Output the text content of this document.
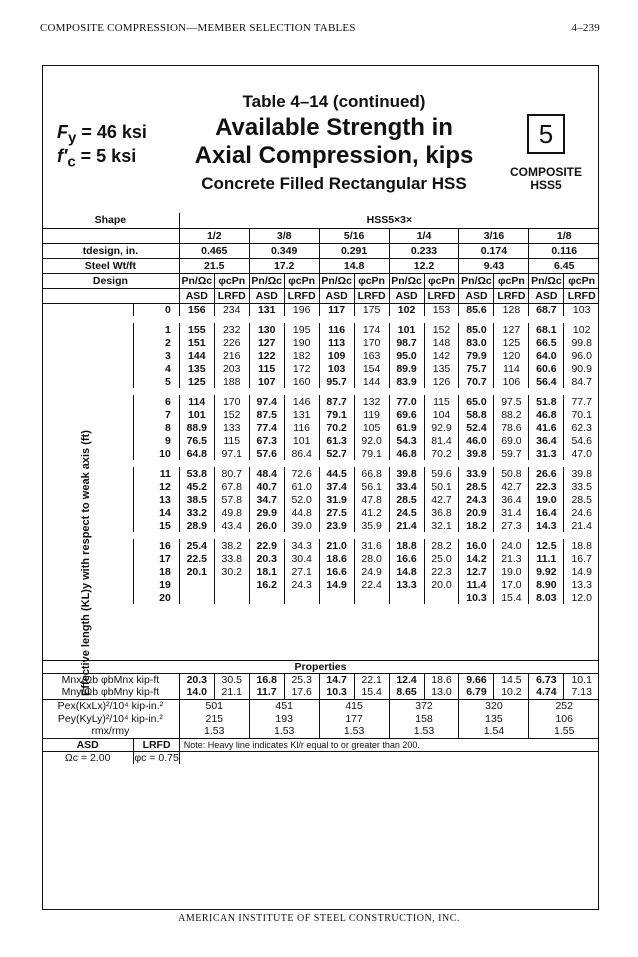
COMPOSITE COMPRESSION—MEMBER SELECTION TABLES	4–239
$F_y = 46$ ksi
$f'_c = 5$ ksi
Table 4–14 (continued)
Available Strength in
Axial Compression, kips
Concrete Filled Rectangular HSS
5
COMPOSITE
HSS5
Shape		HSS5×3×											
		1/2		3/8		5/16		1/4		3/16		1/8	
tdesign, in.		0.465		0.349		0.291		0.233		0.174		0.116	
Steel Wt/ft		21.5		17.2		14.8		12.2		9.43		6.45	
Design		Pn/Ωc	φcPn	Pn/Ωc	φcPn	Pn/Ωc	φcPn	Pn/Ωc	φcPn	Pn/Ωc	φcPn	Pn/Ωc	φcPn
		ASD	LRFD	ASD	LRFD	ASD	LRFD	ASD	LRFD	ASD	LRFD	ASD	LRFD
	0	156	234	131	196	117	175	102	153	85.6	128	68.7	103

	1	155	232	130	195	116	174	101	152	85.0	127	68.1	102
	2	151	226	127	190	113	170	98.7	148	83.0	125	66.5	99.8
	3	144	216	122	182	109	163	95.0	142	79.9	120	64.0	96.0
	4	135	203	115	172	103	154	89.9	135	75.7	114	60.6	90.9
	5	125	188	107	160	95.7	144	83.9	126	70.7	106	56.4	84.7

	6	114	170	97.4	146	87.7	132	77.0	115	65.0	97.5	51.8	77.7
	7	101	152	87.5	131	79.1	119	69.6	104	58.8	88.2	46.8	70.1
	8	88.9	133	77.4	116	70.2	105	61.9	92.9	52.4	78.6	41.6	62.3
	9	76.5	115	67.3	101	61.3	92.0	54.3	81.4	46.0	69.0	36.4	54.6
	10	64.8	97.1	57.6	86.4	52.7	79.1	46.8	70.2	39.8	59.7	31.3	47.0

	11	53.8	80.7	48.4	72.6	44.5	66.8	39.8	59.6	33.9	50.8	26.6	39.8
	12	45.2	67.8	40.7	61.0	37.4	56.1	33.4	50.1	28.5	42.7	22.3	33.5
	13	38.5	57.8	34.7	52.0	31.9	47.8	28.5	42.7	24.3	36.4	19.0	28.5
	14	33.2	49.8	29.9	44.8	27.5	41.2	24.5	36.8	20.9	31.4	16.4	24.6
	15	28.9	43.4	26.0	39.0	23.9	35.9	21.4	32.1	18.2	27.3	14.3	21.4

	16	25.4	38.2	22.9	34.3	21.0	31.6	18.8	28.2	16.0	24.0	12.5	18.8
	17	22.5	33.8	20.3	30.4	18.6	28.0	16.6	25.0	14.2	21.3	11.1	16.7
	18	20.1	30.2	18.1	27.1	16.6	24.9	14.8	22.3	12.7	19.0	9.92	14.9
	19			16.2	24.3	14.9	22.4	13.3	20.0	11.4	17.0	8.90	13.3
	20									10.3	15.4	8.03	12.0

Properties													
Mnx/Ωb φbMnx kip-ft		20.3	30.5	16.8	25.3	14.7	22.1	12.4	18.6	9.66	14.5	6.73	10.1
Mny/Ωb φbMny kip-ft		14.0	21.1	11.7	17.6	10.3	15.4	8.65	13.0	6.79	10.2	4.74	7.13
Pex(KxLx)²/10⁴ kip-in.²		501		451		415		372		320		252	
Pey(KyLy)²/10⁴ kip-in.²		215		193		177		158		135		106	
rmx/rmy		1.53		1.53		1.53		1.53		1.54		1.55	
ASD	LRFD	Note: Heavy line indicates Kl/r equal to or greater than 200.											
Ωc = 2.00	φc = 0.75												
Effective length (KL)y with respect to weak axis (ft)
AMERICAN INSTITUTE OF STEEL CONSTRUCTION, INC.
